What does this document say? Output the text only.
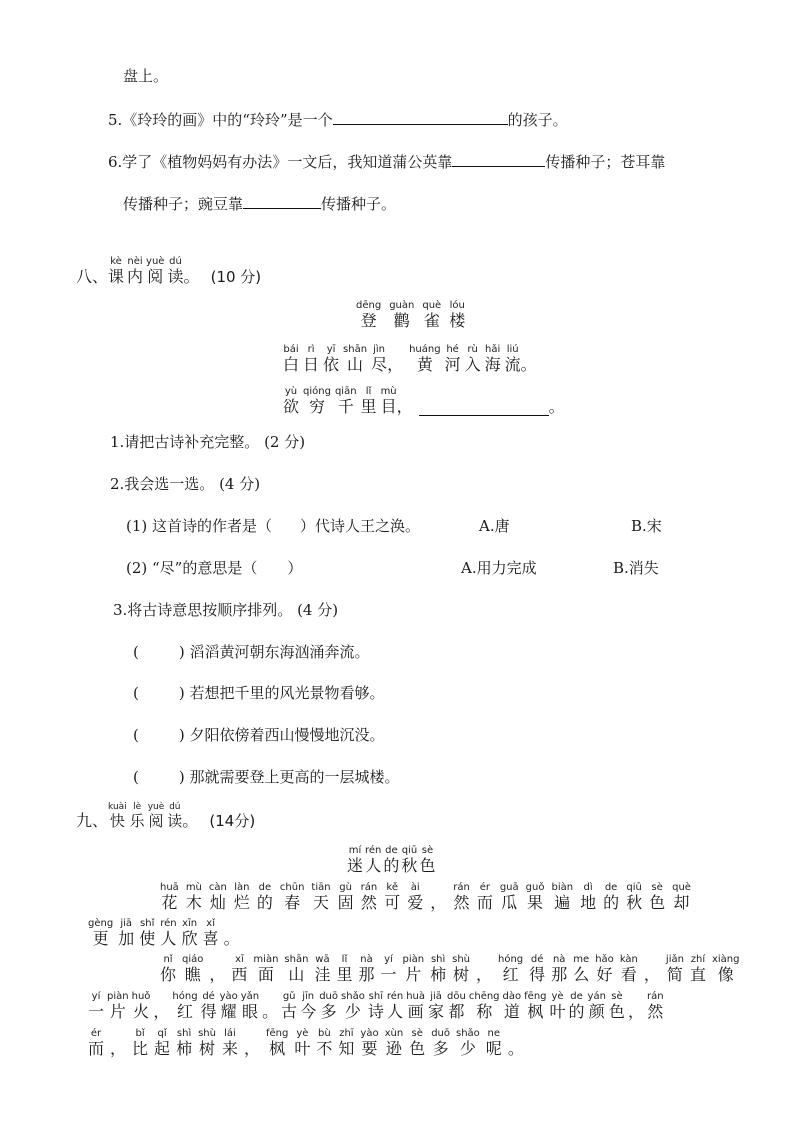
盘上。
5.《玲玲的画》中的“玲玲”是一个	的孩子。
6.学了《植物妈妈有办法》一文后，我知道蒲公英靠	传播种子；苍耳靠
传播种子；豌豆靠	传播种子。
八、
kè
课
nèi
内
yuè
阅
dú
读 。 (10 分)
dēng
登
guàn
鹳
què
雀
lóu
楼
bái
白
rì
日
yī
依
shān
山
jìn
尽 ，
huáng
黄
hé
河
rù
入
hǎi
海
liú
流 。
yù
欲
qióng
穷
qiān
千
lǐ
里
mù
目 ，	。
1.请把古诗补充完整。 (2 分)
2.我会选一选。 (4 分)
(1) 这首诗的作者是（ ）代诗人王之涣。	A.唐	B.宋
(2) “尽”的意思是（ ）	A.用力完成	B.消失
3.将古诗意思按顺序排列。 (4 分)
(	) 滔滔黄河朝东海汹涌奔流。
(	) 若想把千里的风光景物看够。
(	) 夕阳依傍着西山慢慢地沉没。
(	) 那就需要登上更高的一层城楼。
九、
kuài
快
lè
乐
yuè
阅
dú
读 。 (14分)
mí
迷
rén
人
de
的
qiū
秋
sè
色
huā
花
mù
木
càn
灿
làn
烂
de
的
chūn
春
tiān
天
gù
固
rán
然
kě
可
ài
爱
，
rán
然
ér
而
guā
瓜
guǒ
果
biàn
遍
dì
地
de
的
qiū
秋
sè
色
què
却
gèng
更
jiā
加
shǐ
使
rén
人
xīn
欣
xǐ
喜
。
nǐ
你
qiáo
瞧
，
xī
西
miàn
面
shān
山
wā
洼
lǐ
里
nà
那
yí
一
piàn
片
shì
柿
shù
树
，
hóng
红
dé
得
nà
那
me
么
hǎo
好
kàn
看
，
jiǎn
简
zhí
直
xiàng
像
yí
一
piàn
片
huǒ
火
，
hóng
红
dé
得
yào
耀
yǎn
眼
。
gǔ
古
jīn
今
duō
多
shǎo
少
shī
诗
rén
人
huà
画
jiā
家
dōu
都
chēng
称
dào
道
fēng
枫
yè
叶
de
的
yán
颜
sè
色
，
rán
然
ér
而
，
bǐ
比
qǐ
起
shì
柿
shù
树
lái
来
，
fēng
枫
yè
叶
bù
不
zhī
知
yào
要
xùn
逊
sè
色
duō
多
shǎo
少
ne
呢
。
